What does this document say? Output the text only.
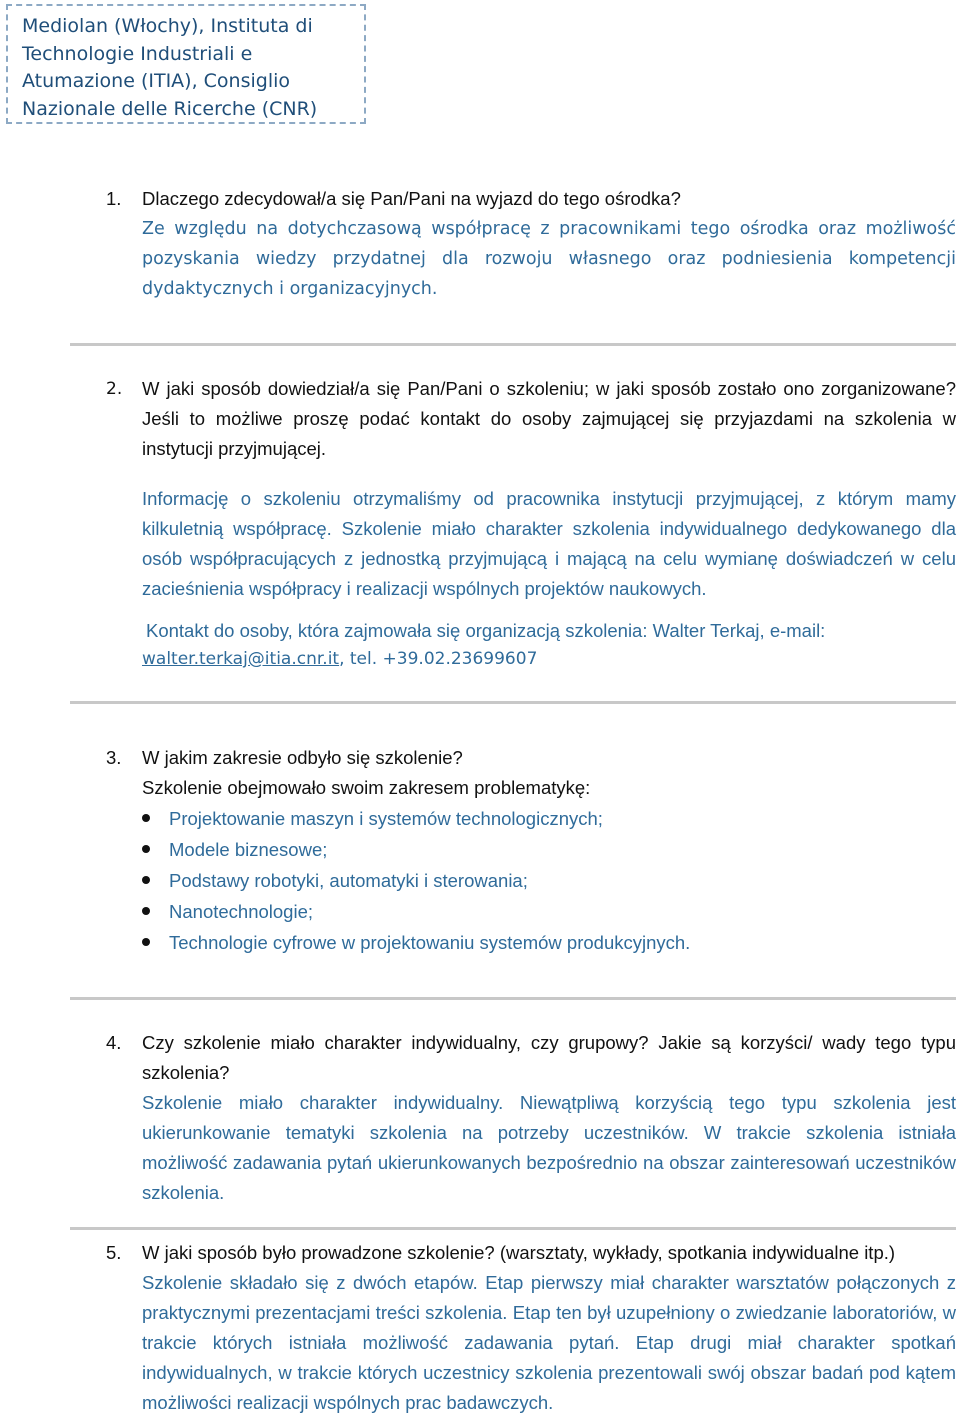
Mediolan (Włochy), Instituta di
Technologie Industriali e
Atumazione (ITIA), Consiglio
Nazionale delle Ricerche (CNR)
1. Dlaczego zdecydował/a się Pan/Pani na wyjazd do tego ośrodka?
Ze względu na dotychczasową współpracę z pracownikami tego ośrodka oraz możliwość pozyskania wiedzy przydatnej dla rozwoju własnego oraz podniesienia kompetencji dydaktycznych i organizacyjnych.
2. W jaki sposób dowiedział/a się Pan/Pani o szkoleniu; w jaki sposób zostało ono zorganizowane? Jeśli to możliwe proszę podać kontakt do osoby zajmującej się przyjazdami na szkolenia w instytucji przyjmującej.
Informację o szkoleniu otrzymaliśmy od pracownika instytucji przyjmującej, z którym mamy kilkuletnią współpracę. Szkolenie miało charakter szkolenia indywidualnego dedykowanego dla osób współpracujących z jednostką przyjmującą i mającą na celu wymianę doświadczeń w celu zacieśnienia współpracy i realizacji wspólnych projektów naukowych.
Kontakt do osoby, która zajmowała się organizacją szkolenia: Walter Terkaj, e-mail:
walter.terkaj@itia.cnr.it, tel. +39.02.23699607
3. W jakim zakresie odbyło się szkolenie?
Szkolenie obejmowało swoim zakresem problematykę:
Projektowanie maszyn i systemów technologicznych;
Modele biznesowe;
Podstawy robotyki, automatyki i sterowania;
Nanotechnologie;
Technologie cyfrowe w projektowaniu systemów produkcyjnych.
4. Czy szkolenie miało charakter indywidualny, czy grupowy? Jakie są korzyści/ wady tego typu szkolenia?
Szkolenie miało charakter indywidualny. Niewątpliwą korzyścią tego typu szkolenia jest ukierunkowanie tematyki szkolenia na potrzeby uczestników. W trakcie szkolenia istniała możliwość zadawania pytań ukierunkowanych bezpośrednio na obszar zainteresowań uczestników szkolenia.
5. W jaki sposób było prowadzone szkolenie? (warsztaty, wykłady, spotkania indywidualne itp.)
Szkolenie składało się z dwóch etapów. Etap pierwszy miał charakter warsztatów połączonych z praktycznymi prezentacjami treści szkolenia. Etap ten był uzupełniony o zwiedzanie laboratoriów, w trakcie których istniała możliwość zadawania pytań. Etap drugi miał charakter spotkań indywidualnych, w trakcie których uczestnicy szkolenia prezentowali swój obszar badań pod kątem możliwości realizacji wspólnych prac badawczych.
